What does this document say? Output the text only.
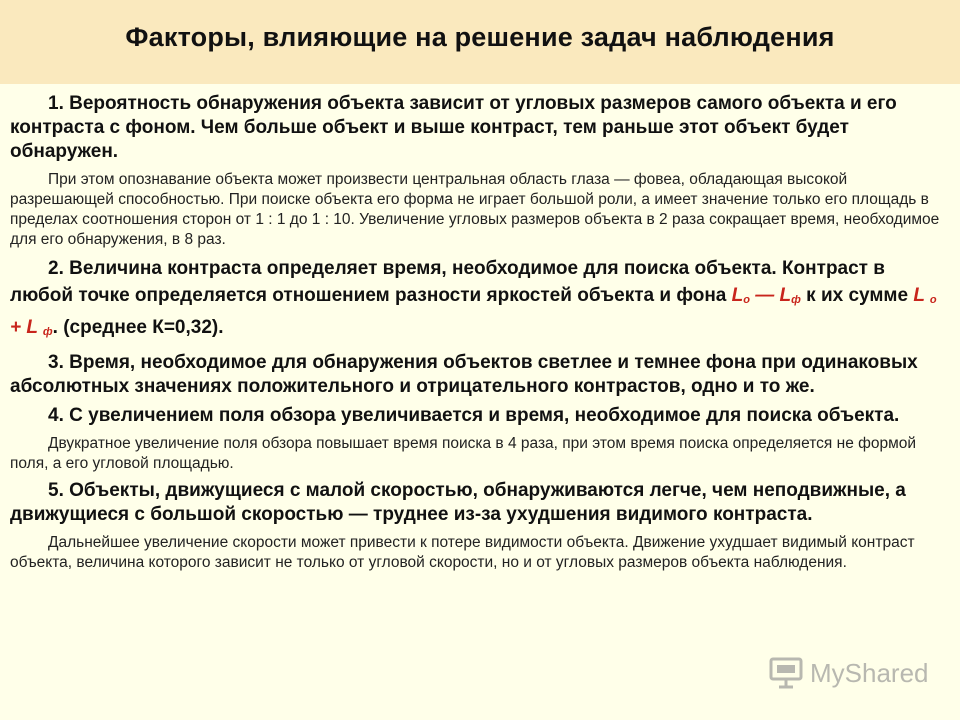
Факторы, влияющие на решение задач наблюдения

1. Вероятность обнаружения объекта зависит от угловых размеров самого объекта и его контраста с фоном. Чем больше объект и выше контраст, тем раньше этот объект будет обнаружен.

При этом опознавание объекта может произвести центральная область глаза — фовеа, обладающая высокой разрешающей способностью. При поиске объекта его форма не играет большой роли, а имеет значение только его площадь в пределах соотношения сторон от 1 : 1 до 1 : 10. Увеличение угловых размеров объекта в 2 раза сокращает время, необходимое для его обнаружения, в 8 раз.

2. Величина контраста определяет время, необходимое для поиска объекта. Контраст в любой точке определяется отношением разности яркостей объекта и фона Lо — Lф к их сумме L о + L ф. (среднее К=0,32).

3. Время, необходимое для обнаружения объектов светлее и темнее фона при одинаковых абсолютных значениях положительного и отрицательного контрастов, одно и то же.

4. С увеличением поля обзора увеличивается и время, необходимое для поиска объекта.

Двукратное увеличение поля обзора повышает время поиска в 4 раза, при этом время поиска определяется не формой поля, а его угловой площадью.

5. Объекты, движущиеся с малой скоростью, обнаруживаются легче, чем неподвижные, а движущиеся с большой скоростью — труднее из-за ухудшения видимого контраста.

Дальнейшее увеличение скорости может привести к потере видимости объекта. Движение ухудшает видимый контраст объекта, величина которого зависит не только от угловой скорости, но и от угловых размеров объекта наблюдения.

MyShared
